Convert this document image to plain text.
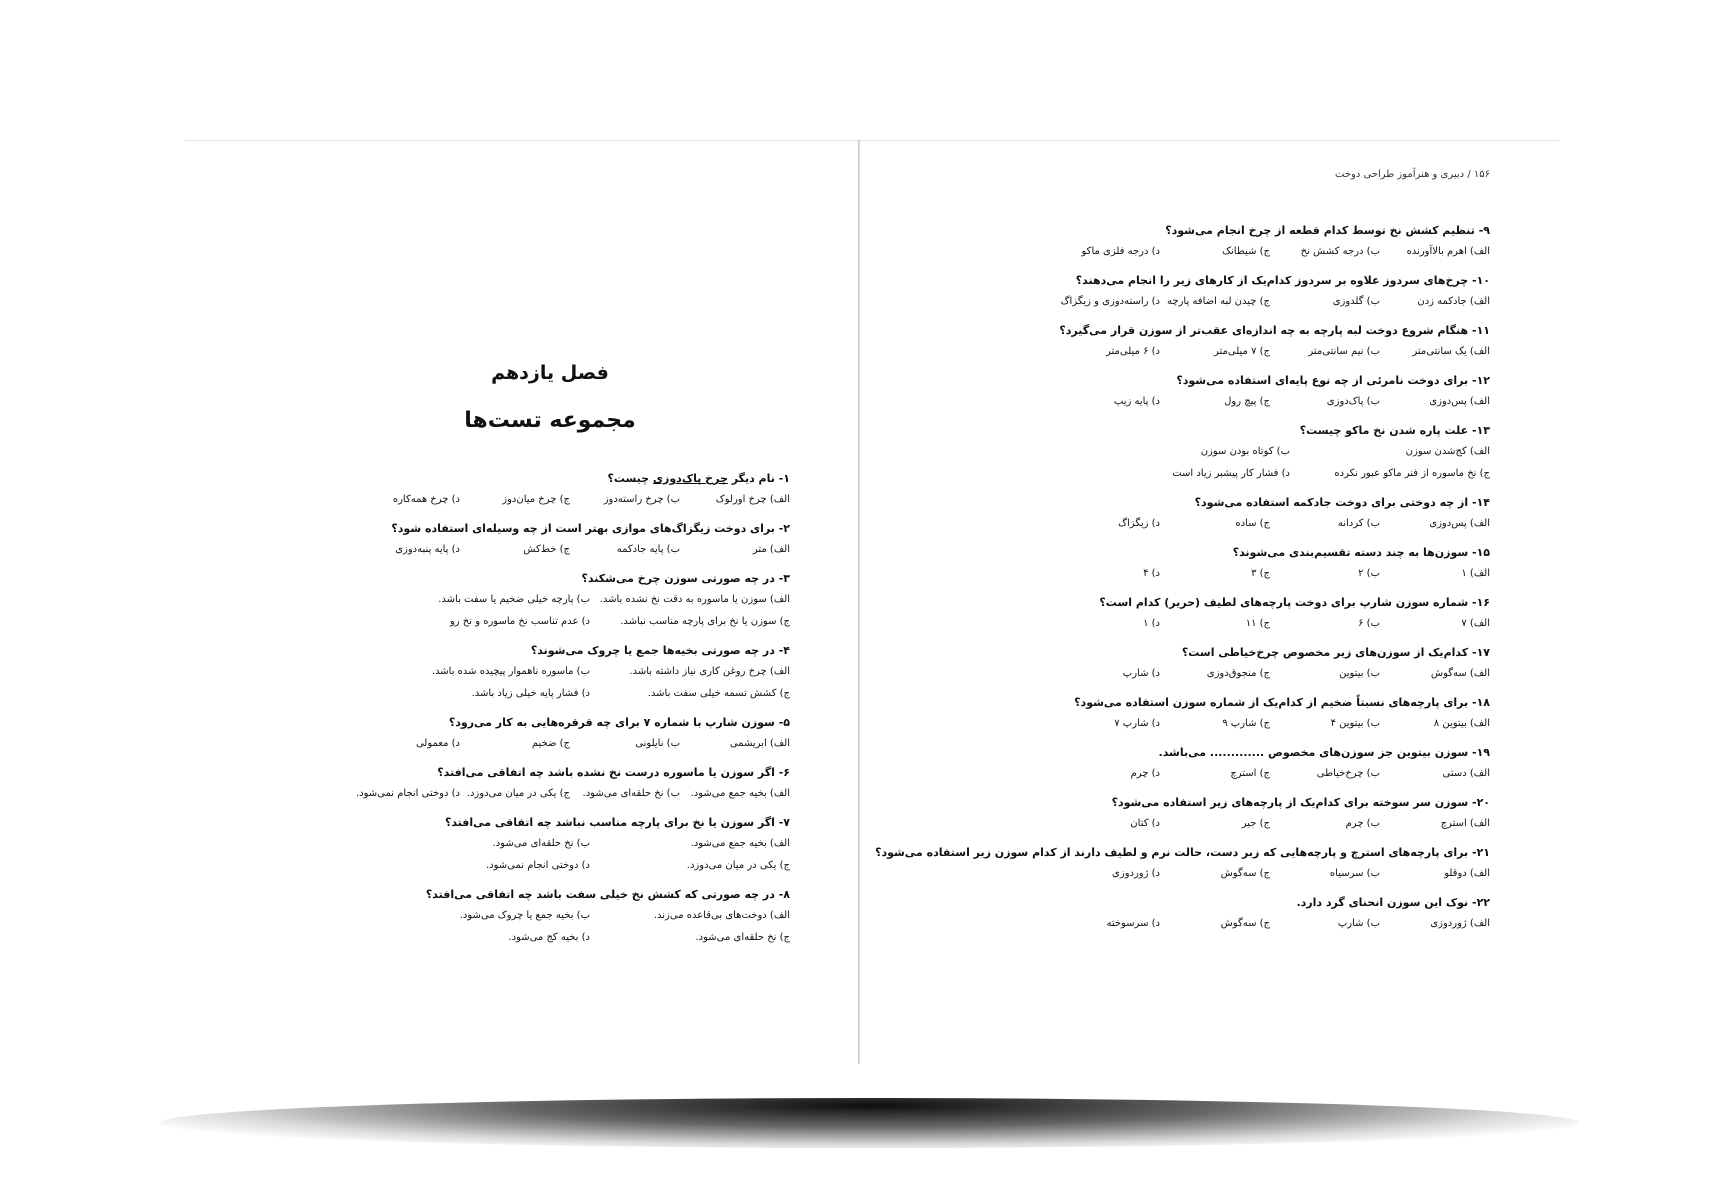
فصل یازدهم
مجموعه تست‌ها
۱- نام دیگر چرخ پاک‌دوزی چیست؟
الف) چرخ اورلوک
ب) چرخ راسته‌دوز
ج) چرخ میان‌دوز
د) چرخ همه‌کاره
۲- برای دوخت زیگزاگ‌های موازی بهتر است از چه وسیله‌ای استفاده شود؟
الف) متر
ب) پایه جادکمه
ج) خط‌کش
د) پایه پنبه‌دوزی
۳- در چه صورتی سوزن چرخ می‌شکند؟
الف) سوزن یا ماسوره به دقت نخ نشده باشد.
ب) پارچه خیلی ضخیم یا سفت باشد.
ج) سوزن یا نخ برای پارچه مناسب نباشد.
د) عدم تناسب نخ ماسوره و نخ رو
۴- در چه صورتی بخیه‌ها جمع یا چروک می‌شوند؟
الف) چرخ روغن کاری نیاز داشته باشد.
ب) ماسوره ناهموار پیچیده شده باشد.
ج) کشش تسمه خیلی سفت باشد.
د) فشار پایه خیلی زیاد باشد.
۵- سوزن شارپ با شماره ۷ برای چه قرقره‌هایی به کار می‌رود؟
الف) ابریشمی
ب) نایلونی
ج) ضخیم
د) معمولی
۶- اگر سوزن یا ماسوره درست نخ نشده باشد چه اتفاقی می‌افتد؟
الف) بخیه جمع می‌شود.
ب) نخ حلقه‌ای می‌شود.
ج) یکی در میان می‌دوزد.
د) دوختی انجام نمی‌شود.
۷- اگر سوزن یا نخ برای پارچه مناسب نباشد چه اتفاقی می‌افتد؟
الف) بخیه جمع می‌شود.
ب) نخ حلقه‌ای می‌شود.
ج) یکی در میان می‌دوزد.
د) دوختی انجام نمی‌شود.
۸- در چه صورتی که کشش نخ خیلی سفت باشد چه اتفاقی می‌افتد؟
الف) دوخت‌های بی‌قاعده می‌زند.
ب) بخیه جمع یا چروک می‌شود.
ج) نخ حلقه‌ای می‌شود.
د) بخیه کج می‌شود.
۱۵۶ / دبیری و هنرآموز طراحی دوخت
۹- تنظیم کشش نخ توسط کدام قطعه از چرخ انجام می‌شود؟
الف) اهرم بالاآورنده
ب) درجه کشش نخ
ج) شیطانک
د) درجه فلزی ماکو
۱۰- چرخ‌های سردوز علاوه بر سردوز کدام‌یک از کارهای زیر را انجام می‌دهند؟
الف) جادکمه زدن
ب) گلدوزی
ج) چیدن لبه اضافه پارچه
د) راسته‌دوزی و زیگزاگ
۱۱- هنگام شروع دوخت لبه پارچه به چه اندازه‌ای عقب‌تر از سوزن قرار می‌گیرد؟
الف) یک سانتی‌متر
ب) نیم سانتی‌متر
ج) ۷ میلی‌متر
د) ۶ میلی‌متر
۱۲- برای دوخت نامرئی از چه نوع پایه‌ای استفاده می‌شود؟
الف) پس‌دوزی
ب) پاک‌دوزی
ج) پیچ رول
د) پایه زیپ
۱۳- علت پاره شدن نخ ماکو چیست؟
الف) کج‌شدن سوزن
ب) کوتاه بودن سوزن
ج) نخ ماسوره از فنر ماکو عبور نکرده
د) فشار کار پیشبر زیاد است
۱۴- از چه دوختی برای دوخت جادکمه استفاده می‌شود؟
الف) پس‌دوزی
ب) کردانه
ج) ساده
د) زیگزاگ
۱۵- سوزن‌ها به چند دسته تقسیم‌بندی می‌شوند؟
الف) ۱
ب) ۲
ج) ۳
د) ۴
۱۶- شماره سوزن شارپ برای دوخت پارچه‌های لطیف (حریر) کدام است؟
الف) ۷
ب) ۶
ج) ۱۱
د) ۱
۱۷- کدام‌یک از سوزن‌های زیر مخصوص چرخ‌خیاطی است؟
الف) سه‌گوش
ب) بیتوین
ج) منجوق‌دوزی
د) شارپ
۱۸- برای پارچه‌های نسبتاً ضخیم از کدام‌یک از شماره سوزن استفاده می‌شود؟
الف) بیتوین ۸
ب) بیتوین ۴
ج) شارپ ۹
د) شارپ ۷
۱۹- سوزن بیتوین جز سوزن‌های مخصوص ............. می‌باشد.
الف) دستی
ب) چرخ‌خیاطی
ج) استرچ
د) چرم
۲۰- سوزن سر سوخته برای کدام‌یک از پارچه‌های زیر استفاده می‌شود؟
الف) استرچ
ب) چرم
ج) جیر
د) کتان
۲۱- برای پارچه‌های استرچ و پارچه‌هایی که زبر دست، حالت نرم و لطیف دارند از کدام سوزن زیر استفاده می‌شود؟
الف) دوقلو
ب) سرسیاه
ج) سه‌گوش
د) ژوردوزی
۲۲- نوک این سوزن انحنای گرد دارد.
الف) ژوردوزی
ب) شارپ
ج) سه‌گوش
د) سرسوخته
